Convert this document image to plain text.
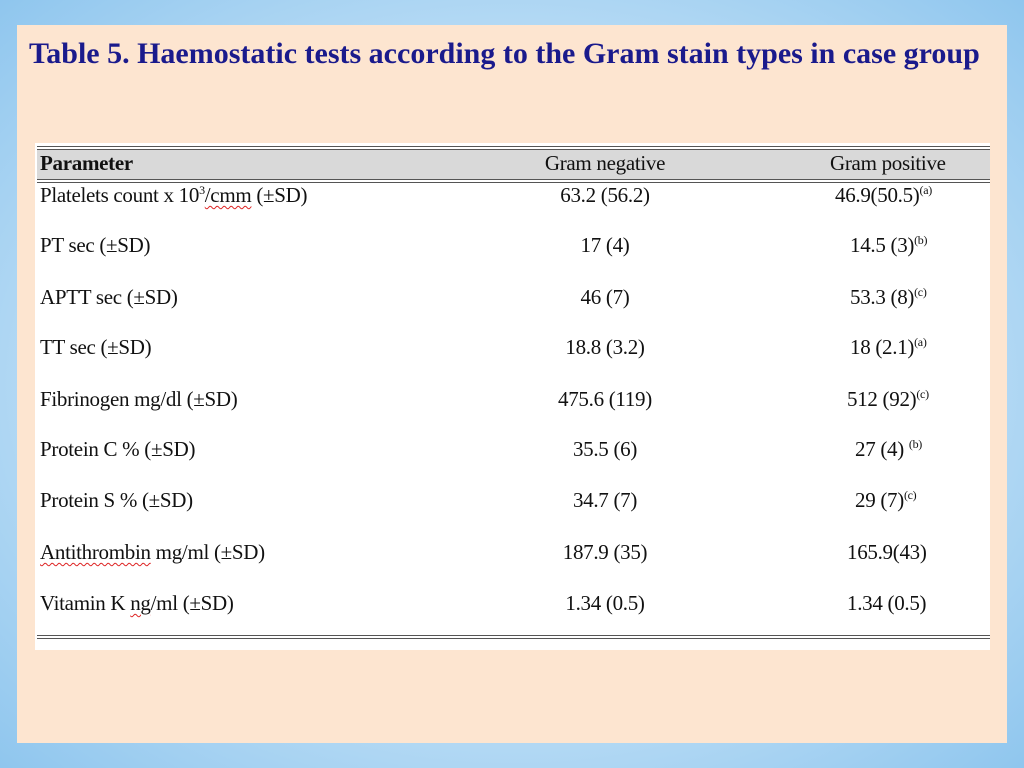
Table 5. Haemostatic tests according to the Gram stain types in case group
Parameter	Gram negative	Gram positive
Platelets count x $10^3$/cmm (±SD)	63.2 (56.2)	$46.9(50.5)^{(a)}$
PT sec (±SD)	17 (4)	14.5 $(3)^{(b)}$
APTT sec (±SD)	46 (7)	53.3 $(8)^{(c)}$
TT sec (±SD)	18.8 (3.2)	18 $(2.1)^{(a)}$
Fibrinogen mg/dl (±SD)	475.6 (119)	512 $(92)^{(c)}$
Protein C % (±SD)	35.5 (6)	27 (4) $^{(b)}$
Protein S % (±SD)	34.7 (7)	29 $(7)^{(c)}$
Antithrombin mg/ml (±SD)	187.9 (35)	165.9(43)
Vitamin K ng/ml (±SD)	1.34 (0.5)	1.34 (0.5)
